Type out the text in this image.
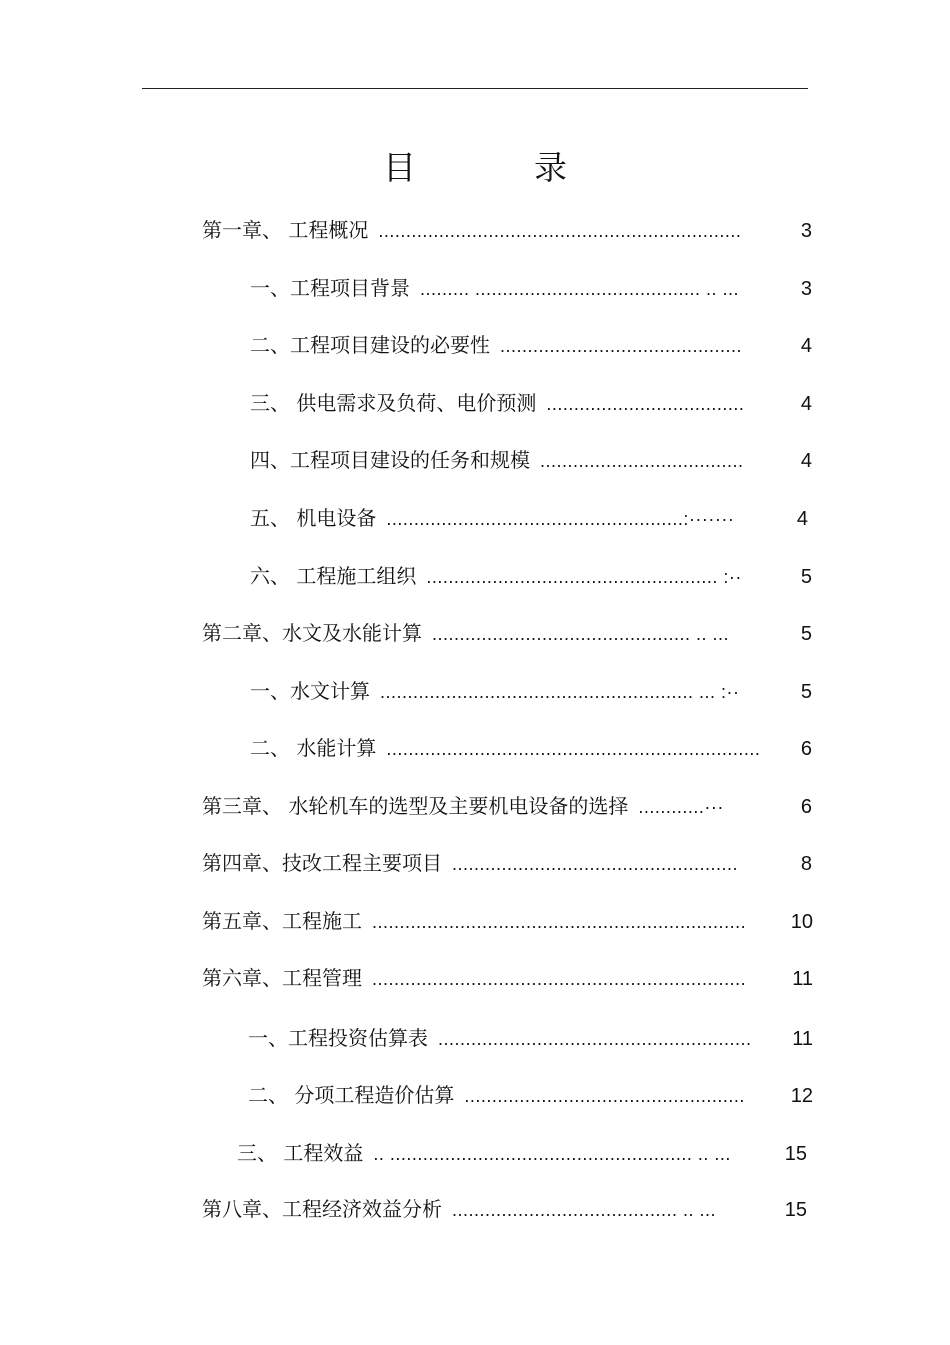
目	录
第一章、 工程概况 ..................................................................	3
一、工程项目背景 ......... ......................................... .. ...	3
二、工程项目建设的必要性 ............................................	4
三、 供电需求及负荷、电价预测 ....................................	4
四、工程项目建设的任务和规模 .....................................	4
五、 机电设备 ......................................................:·······	4
六、 工程施工组织 ..................................................... :··	5
第二章、水文及水能计算 ............................................... .. ...	5
一、水文计算 ......................................................... ... :··	5
二、 水能计算 ....................................................................	6
第三章、 水轮机车的选型及主要机电设备的选择 ............···	6
第四章、技改工程主要项目 ....................................................	8
第五章、工程施工 ....................................................................	10
第六章、工程管理 ....................................................................	11
一、工程投资估算表 .........................................................	11
二、 分项工程造价估算 ...................................................	12
三、 工程效益 .. ....................................................... .. ...	15
第八章、工程经济效益分析 ......................................... .. ...	15
